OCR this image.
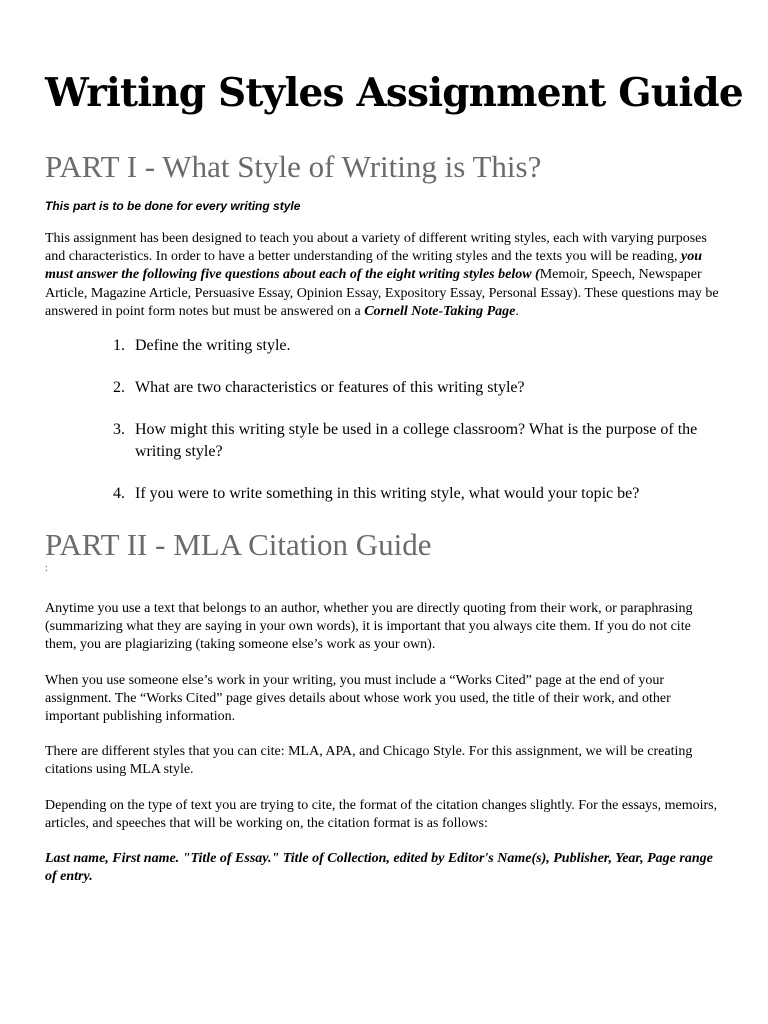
Writing Styles Assignment Guide
PART I - What Style of Writing is This?
This part is to be done for every writing style

This assignment has been designed to teach you about a variety of different writing styles, each with varying purposes and characteristics. In order to have a better understanding of the writing styles and the texts you will be reading, you must answer the following five questions about each of the eight writing styles below (Memoir, Speech, Newspaper Article, Magazine Article, Persuasive Essay, Opinion Essay, Expository Essay, Personal Essay). These questions may be answered in point form notes but must be answered on a Cornell Note-Taking Page.

1. Define the writing style.
2. What are two characteristics or features of this writing style?
3. How might this writing style be used in a college classroom? What is the purpose of the writing style?
4. If you were to write something in this writing style, what would your topic be?
PART II - MLA Citation Guide
:

Anytime you use a text that belongs to an author, whether you are directly quoting from their work, or paraphrasing (summarizing what they are saying in your own words), it is important that you always cite them. If you do not cite them, you are plagiarizing (taking someone else’s work as your own).

When you use someone else’s work in your writing, you must include a “Works Cited” page at the end of your assignment. The “Works Cited” page gives details about whose work you used, the title of their work, and other important publishing information.

There are different styles that you can cite: MLA, APA, and Chicago Style. For this assignment, we will be creating citations using MLA style.

Depending on the type of text you are trying to cite, the format of the citation changes slightly. For the essays, memoirs, articles, and speeches that will be working on, the citation format is as follows:

Last name, First name. "Title of Essay." Title of Collection, edited by Editor's Name(s), Publisher, Year, Page range of entry.
